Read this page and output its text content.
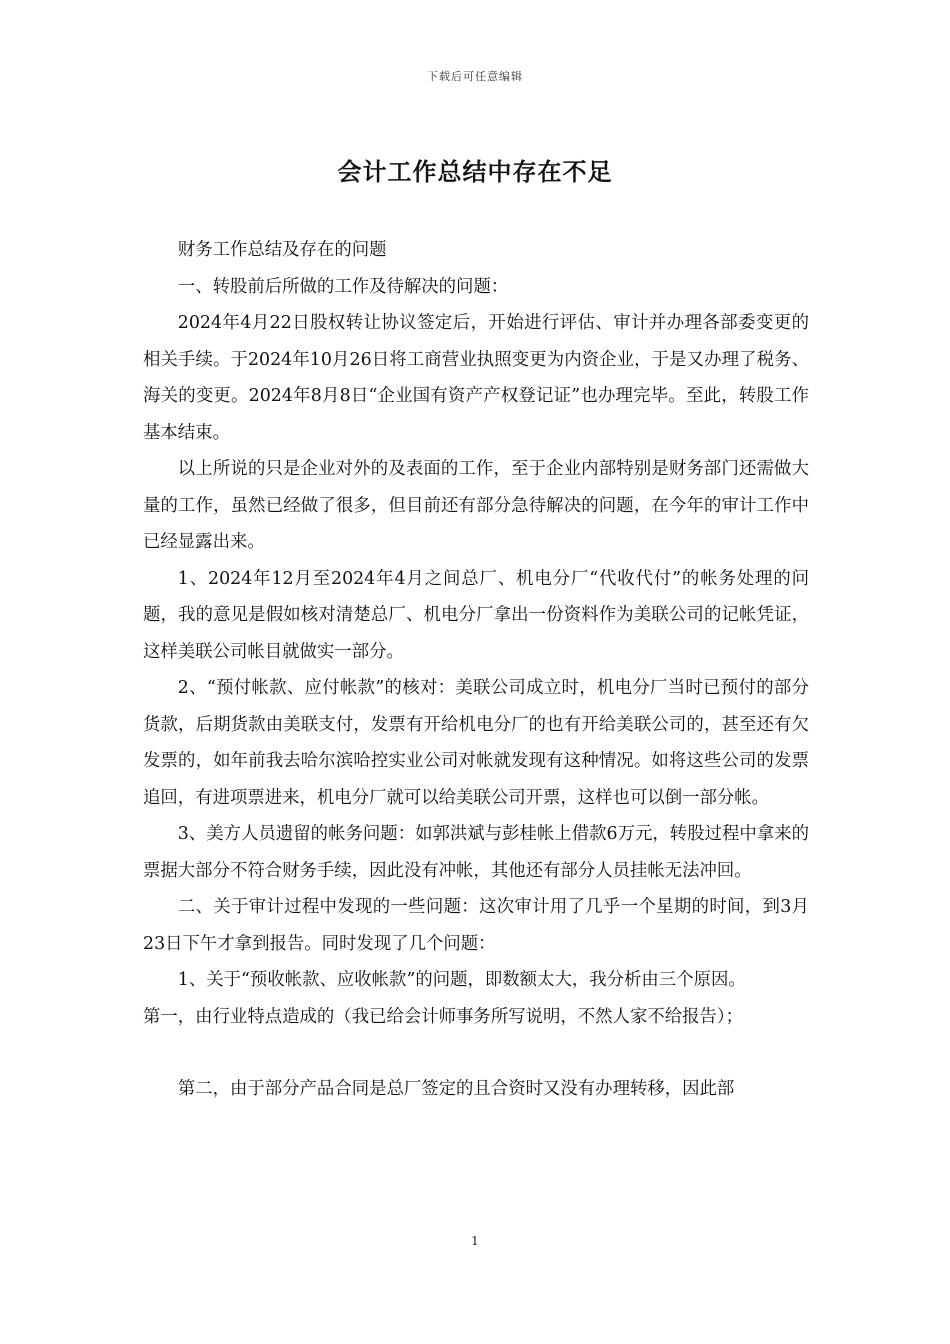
下载后可任意编辑
会计工作总结中存在不足

财务工作总结及存在的问题

一、转股前后所做的工作及待解决的问题：

2024年4月22日股权转让协议签定后，开始进行评估、审计并办理各部委变更的相关手续。于2024年10月26日将工商营业执照变更为内资企业，于是又办理了税务、海关的变更。2024年8月8日“企业国有资产产权登记证”也办理完毕。至此，转股工作基本结束。

以上所说的只是企业对外的及表面的工作，至于企业内部特别是财务部门还需做大量的工作，虽然已经做了很多，但目前还有部分急待解决的问题，在今年的审计工作中已经显露出来。

1、2024年12月至2024年4月之间总厂、机电分厂“代收代付”的帐务处理的问题，我的意见是假如核对清楚总厂、机电分厂拿出一份资料作为美联公司的记帐凭证，这样美联公司帐目就做实一部分。

2、“预付帐款、应付帐款”的核对：美联公司成立时，机电分厂当时已预付的部分货款，后期货款由美联支付，发票有开给机电分厂的也有开给美联公司的，甚至还有欠发票的，如年前我去哈尔滨哈控实业公司对帐就发现有这种情况。如将这些公司的发票追回，有进项票进来，机电分厂就可以给美联公司开票，这样也可以倒一部分帐。

3、美方人员遗留的帐务问题：如郭洪斌与彭桂帐上借款6万元，转股过程中拿来的票据大部分不符合财务手续，因此没有冲帐，其他还有部分人员挂帐无法冲回。

二、关于审计过程中发现的一些问题：这次审计用了几乎一个星期的时间，到3月23日下午才拿到报告。同时发现了几个问题：

1、关于“预收帐款、应收帐款”的问题，即数额太大，我分析由三个原因。

第一，由行业特点造成的（我已给会计师事务所写说明，不然人家不给报告）；

第二，由于部分产品合同是总厂签定的且合资时又没有办理转移，因此部

1
